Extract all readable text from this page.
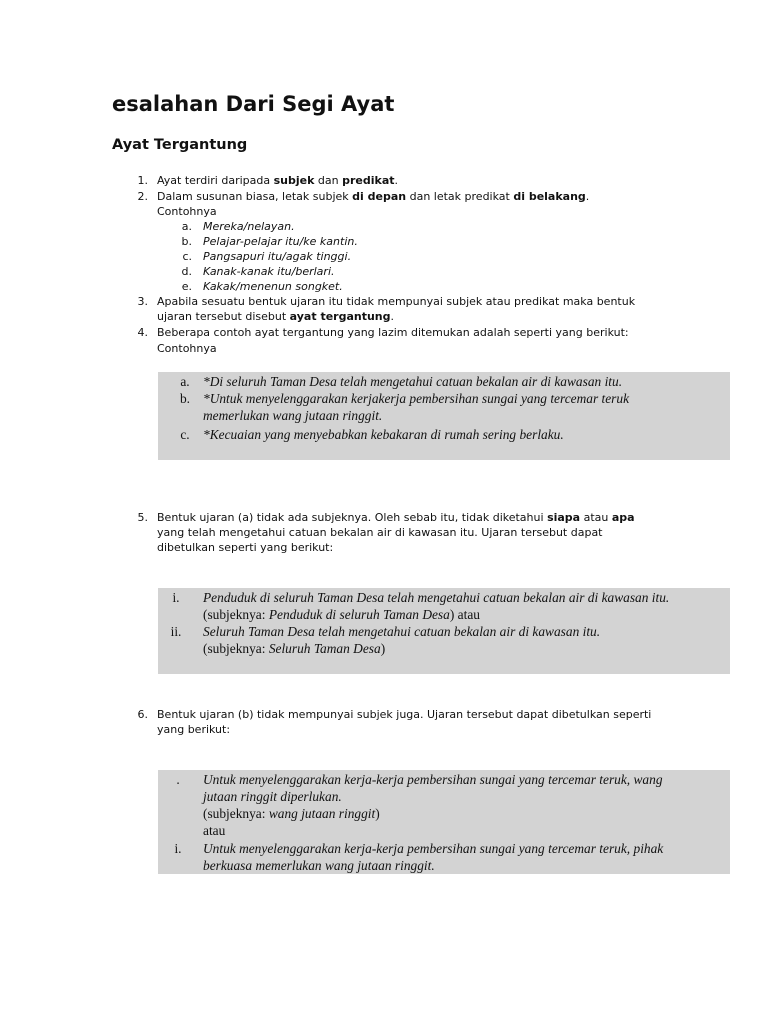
esalahan Dari Segi Ayat
Ayat Tergantung
1. Ayat terdiri daripada subjek dan predikat.
2. Dalam susunan biasa, letak subjek di depan dan letak predikat di belakang.
Contohnya
a. Mereka/nelayan.
b. Pelajar-pelajar itu/ke kantin.
c. Pangsapuri itu/agak tinggi.
d. Kanak-kanak itu/berlari.
e. Kakak/menenun songket.
3. Apabila sesuatu bentuk ujaran itu tidak mempunyai subjek atau predikat maka bentuk
ujaran tersebut disebut ayat tergantung.
4. Beberapa contoh ayat tergantung yang lazim ditemukan adalah seperti yang berikut:
Contohnya
a. *Di seluruh Taman Desa telah mengetahui catuan bekalan air di kawasan itu.
b. *Untuk menyelenggarakan kerjakerja pembersihan sungai yang tercemar teruk
memerlukan wang jutaan ringgit.
c. *Kecuaian yang menyebabkan kebakaran di rumah sering berlaku.
5. Bentuk ujaran (a) tidak ada subjeknya. Oleh sebab itu, tidak diketahui siapa atau apa
yang telah mengetahui catuan bekalan air di kawasan itu. Ujaran tersebut dapat
dibetulkan seperti yang berikut:
i.	Penduduk di seluruh Taman Desa telah mengetahui catuan bekalan air di kawasan itu.
(subjeknya: Penduduk di seluruh Taman Desa) atau
ii.	Seluruh Taman Desa telah mengetahui catuan bekalan air di kawasan itu.
(subjeknya: Seluruh Taman Desa)
6. Bentuk ujaran (b) tidak mempunyai subjek juga. Ujaran tersebut dapat dibetulkan seperti
yang berikut:
.	Untuk menyelenggarakan kerja-kerja pembersihan sungai yang tercemar teruk, wang
jutaan ringgit diperlukan.
(subjeknya: wang jutaan ringgit)
atau
i.	Untuk menyelenggarakan kerja-kerja pembersihan sungai yang tercemar teruk, pihak
berkuasa memerlukan wang jutaan ringgit.
